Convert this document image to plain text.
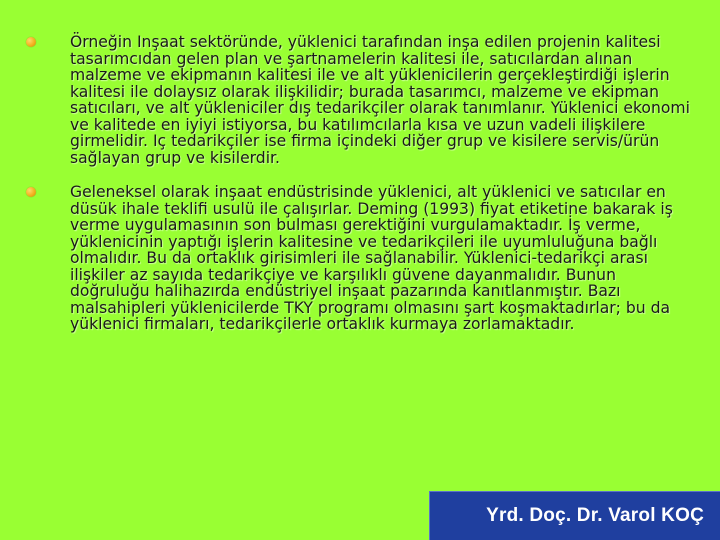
Örneğin Inşaat sektöründe, yüklenici tarafından inşa edilen projenin kalitesi tasarımcıdan gelen plan ve şartnamelerin kalitesi ile, satıcılardan alınan malzeme ve ekipmanın kalitesi ile ve alt yüklenicilerin gerçekleştirdiği işlerin kalitesi ile dolaysız olarak ilişkilidir; burada tasarımcı, malzeme ve ekipman satıcıları, ve alt yükleniciler dış tedarikçiler olarak tanımlanır. Yüklenici ekonomi ve kalitede en iyiyi istiyorsa, bu katılımcılarla kısa ve uzun vadeli ilişkilere girmelidir. Iç tedarikçiler ise firma içindeki diğer grup ve kisilere servis/ürün sağlayan grup ve kisilerdir.
Geleneksel olarak inşaat endüstrisinde yüklenici, alt yüklenici ve satıcılar en düsük ihale teklifi usulü ile çalışırlar. Deming (1993) fiyat etiketine bakarak iş verme uygulamasının son bulması gerektiğini vurgulamaktadır. İş verme, yüklenicinin yaptığı işlerin kalitesine ve tedarikçileri ile uyumluluğuna bağlı olmalıdır. Bu da ortaklık girisimleri ile sağlanabilir. Yüklenici-tedarikçi arası ilişkiler az sayıda tedarikçiye ve karşılıklı güvene dayanmalıdır. Bunun doğruluğu halihazırda endüstriyel inşaat pazarında kanıtlanmıştır. Bazı malsahipleri yüklenicilerde TKY programı olmasını şart koşmaktadırlar; bu da yüklenici firmaları, tedarikçilerle ortaklık kurmaya zorlamaktadır.
Yrd. Doç. Dr. Varol KOÇ
